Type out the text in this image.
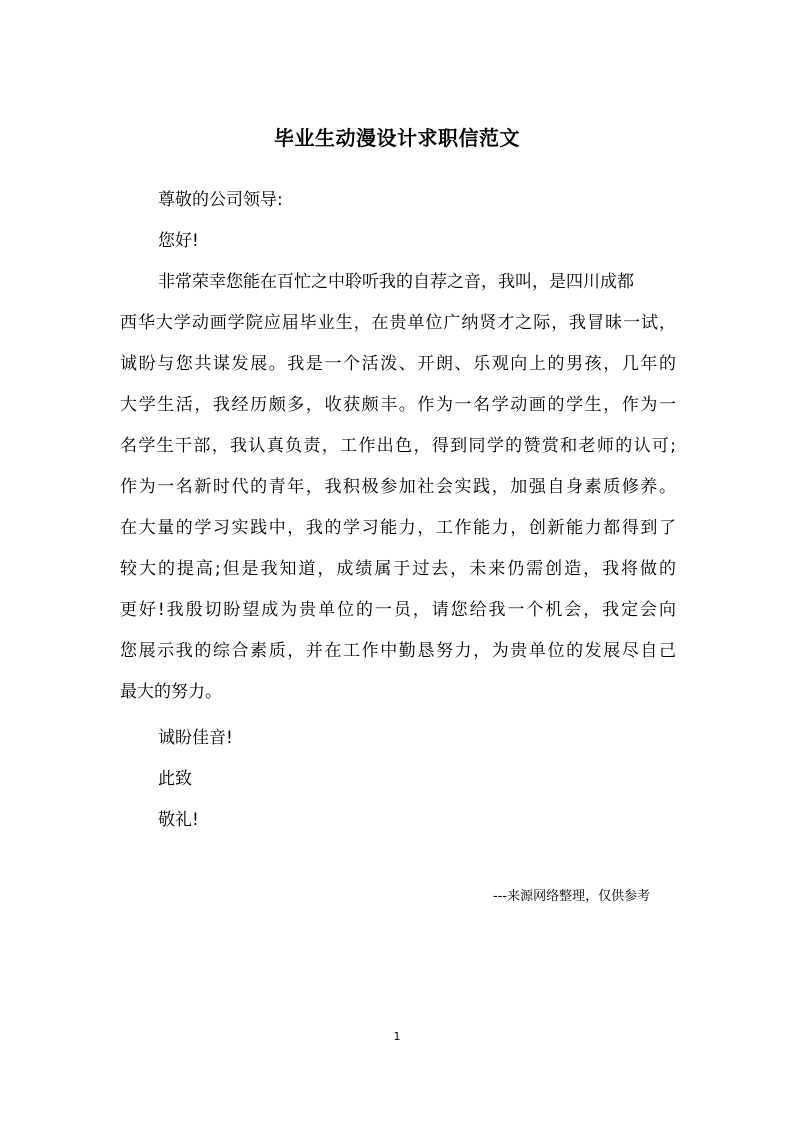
毕业生动漫设计求职信范文
尊敬的公司领导:
您好!
非常荣幸您能在百忙之中聆听我的自荐之音，我叫，是四川成都
西华大学动画学院应届毕业生，在贵单位广纳贤才之际，我冒昧一试，
诚盼与您共谋发展。我是一个活泼、开朗、乐观向上的男孩，几年的
大学生活，我经历颇多，收获颇丰。作为一名学动画的学生，作为一
名学生干部，我认真负责，工作出色，得到同学的赞赏和老师的认可;
作为一名新时代的青年，我积极参加社会实践，加强自身素质修养。
在大量的学习实践中，我的学习能力，工作能力，创新能力都得到了
较大的提高;但是我知道，成绩属于过去，未来仍需创造，我将做的
更好!我殷切盼望成为贵单位的一员，请您给我一个机会，我定会向
您展示我的综合素质，并在工作中勤恳努力，为贵单位的发展尽自己
最大的努力。
诚盼佳音!
此致
敬礼!
---来源网络整理，仅供参考
1
